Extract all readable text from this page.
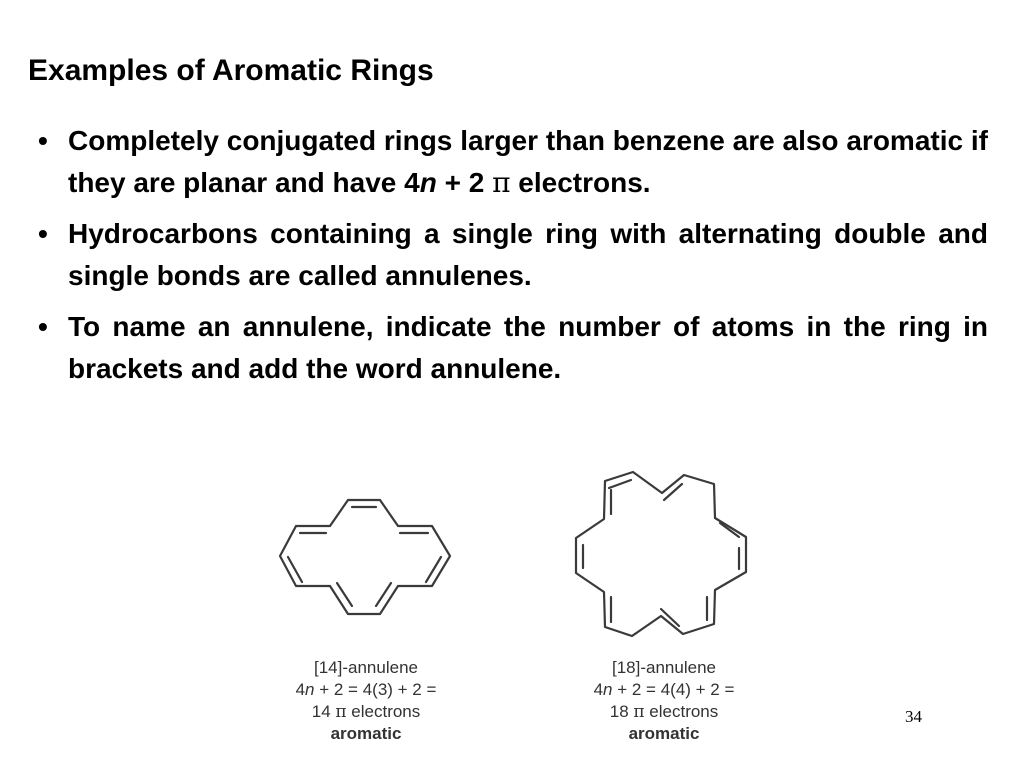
Examples of Aromatic Rings
• Completely conjugated rings larger than benzene are also aromatic if they are planar and have 4n + 2 π electrons.
• Hydrocarbons containing a single ring with alternating double and single bonds are called annulenes.
• To name an annulene, indicate the number of atoms in the ring in brackets and add the word annulene.
[14]-annulene
4n + 2 = 4(3) + 2 =
14 π electrons
aromatic
[18]-annulene
4n + 2 = 4(4) + 2 =
18 π electrons
aromatic
34
